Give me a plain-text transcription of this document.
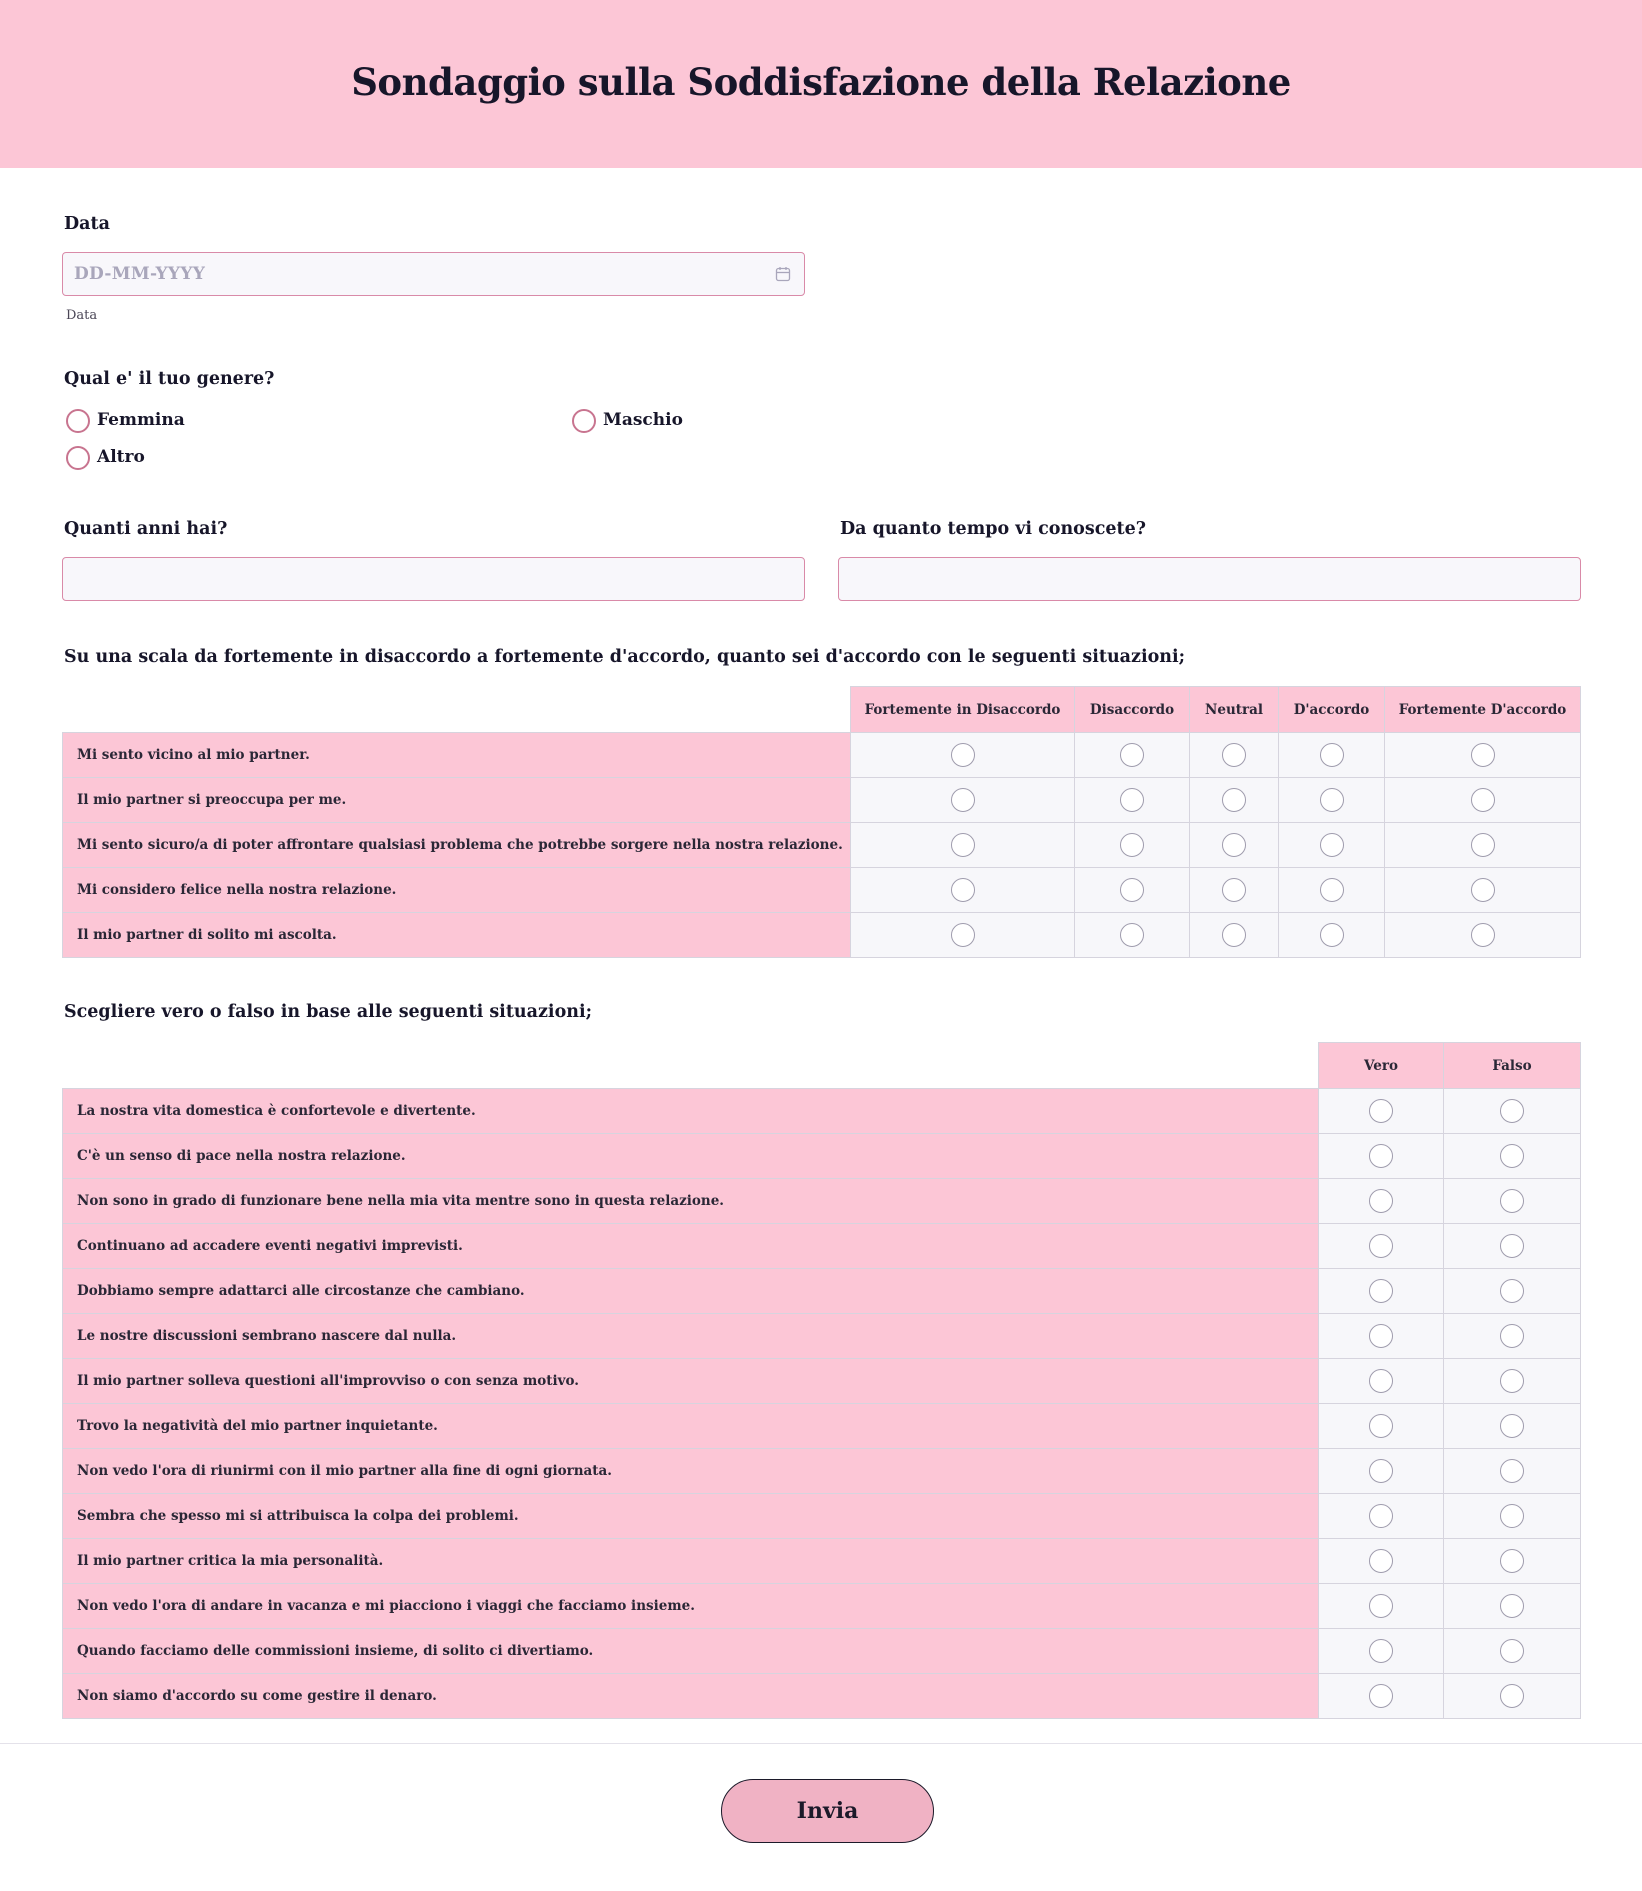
Sondaggio sulla Soddisfazione della Relazione
Data
DD-MM-YYYY
Data
Qual e' il tuo genere?
Femmina	Maschio
Altro
Quanti anni hai?	Da quanto tempo vi conoscete?
Su una scala da fortemente in disaccordo a fortemente d'accordo, quanto sei d'accordo con le seguenti situazioni;
	Fortemente in Disaccordo	Disaccordo	Neutral	D'accordo	Fortemente D'accordo
Mi sento vicino al mio partner.					
Il mio partner si preoccupa per me.					
Mi sento sicuro/a di poter affrontare qualsiasi problema che potrebbe sorgere nella nostra relazione.					
Mi considero felice nella nostra relazione.					
Il mio partner di solito mi ascolta.					
Scegliere vero o falso in base alle seguenti situazioni;
	Vero	Falso
La nostra vita domestica è confortevole e divertente.		
C'è un senso di pace nella nostra relazione.		
Non sono in grado di funzionare bene nella mia vita mentre sono in questa relazione.		
Continuano ad accadere eventi negativi imprevisti.		
Dobbiamo sempre adattarci alle circostanze che cambiano.		
Le nostre discussioni sembrano nascere dal nulla.		
Il mio partner solleva questioni all'improvviso o con senza motivo.		
Trovo la negatività del mio partner inquietante.		
Non vedo l'ora di riunirmi con il mio partner alla fine di ogni giornata.		
Sembra che spesso mi si attribuisca la colpa dei problemi.		
Il mio partner critica la mia personalità.		
Non vedo l'ora di andare in vacanza e mi piacciono i viaggi che facciamo insieme.		
Quando facciamo delle commissioni insieme, di solito ci divertiamo.		
Non siamo d'accordo su come gestire il denaro.		
Invia
